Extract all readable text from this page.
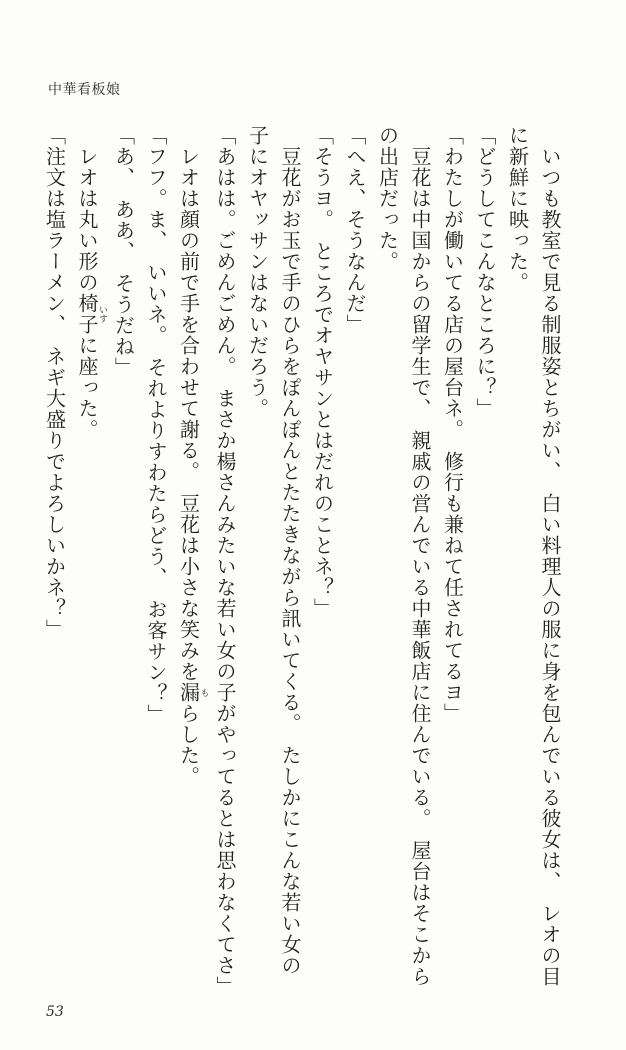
中華看板娘

いつも教室で見る制服姿とちがい、　白い料理人の服に身を包んでいる彼女は、　レオの目

に新鮮に映った。

「どうしてこんなところに？」

「わたしが働いてる店の屋台ネ。　修行も兼ねて任されてるヨ」

豆花は中国からの留学生で、　親戚の営んでいる中華飯店に住んでいる。　屋台はそこから

の出店だった。

「へえ、そうなんだ」

「そうヨ。　ところでオヤサンとはだれのことネ？」

豆花がお玉で手のひらをぽんぽんとたたきながら訊いてくる。　たしかにこんな若い女の

子にオヤッサンはないだろう。

「あはは。ごめんごめん。　まさか楊さんみたいな若い女の子がやってるとは思わなくてさ」

レオは顔の前で手を合わせて謝る。　豆花は小さな笑みを漏もらした。

「フフ。ま、　いいネ。　それよりすわたらどう、　お客サン？」

「あ、　ああ、　そうだね」

レオは丸い形の椅子いすに座った。

「注文は塩ラーメン、　ネギ大盛りでよろしいかネ？」

53
